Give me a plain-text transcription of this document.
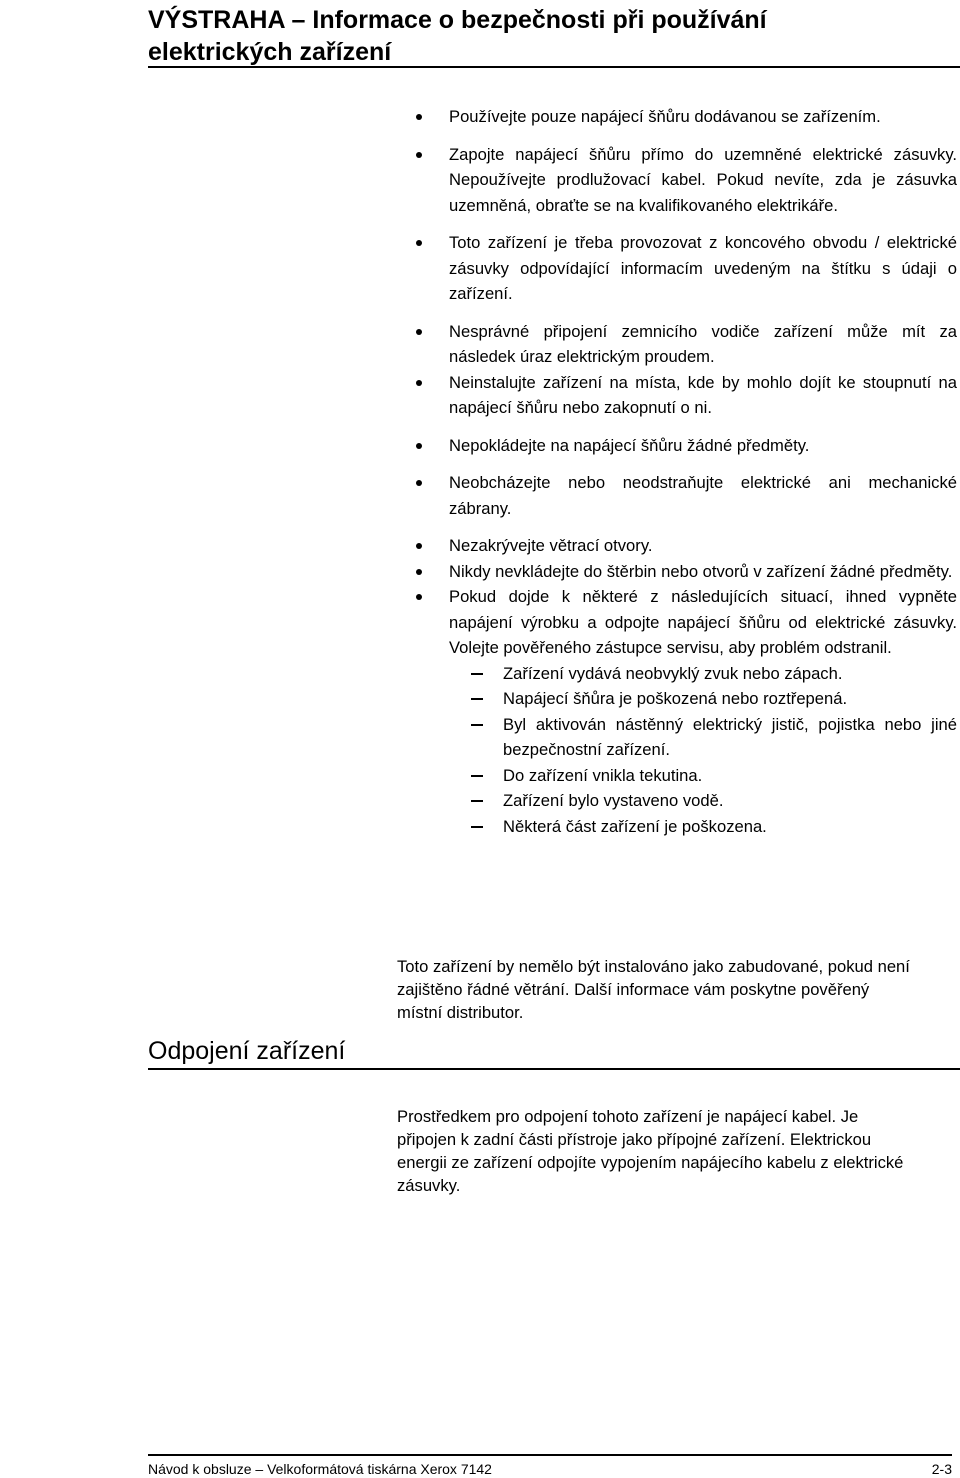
VÝSTRAHA – Informace o bezpečnosti při používání elektrických zařízení
Používejte pouze napájecí šňůru dodávanou se zařízením.
Zapojte napájecí šňůru přímo do uzemněné elektrické zásuvky. Nepoužívejte prodlužovací kabel. Pokud nevíte, zda je zásuvka uzemněná, obraťte se na kvalifikovaného elektrikáře.
Toto zařízení je třeba provozovat z koncového obvodu / elektrické zásuvky odpovídající informacím uvedeným na štítku s údaji o zařízení.
Nesprávné připojení zemnicího vodiče zařízení může mít za následek úraz elektrickým proudem.
Neinstalujte zařízení na místa, kde by mohlo dojít ke stoupnutí na napájecí šňůru nebo zakopnutí o ni.
Nepokládejte na napájecí šňůru žádné předměty.
Neobcházejte nebo neodstraňujte elektrické ani mechanické zábrany.
Nezakrývejte větrací otvory.
Nikdy nevkládejte do štěrbin nebo otvorů v zařízení žádné předměty.
Pokud dojde k některé z následujících situací, ihned vypněte napájení výrobku a odpojte napájecí šňůru od elektrické zásuvky. Volejte pověřeného zástupce servisu, aby problém odstranil.
Zařízení vydává neobvyklý zvuk nebo zápach.
Napájecí šňůra je poškozená nebo roztřepená.
Byl aktivován nástěnný elektrický jistič, pojistka nebo jiné bezpečnostní zařízení.
Do zařízení vnikla tekutina.
Zařízení bylo vystaveno vodě.
Některá část zařízení je poškozena.

Toto zařízení by nemělo být instalováno jako zabudované, pokud není zajištěno řádné větrání. Další informace vám poskytne pověřený místní distributor.

Odpojení zařízení

Prostředkem pro odpojení tohoto zařízení je napájecí kabel. Je připojen k zadní části přístroje jako přípojné zařízení. Elektrickou energii ze zařízení odpojíte vypojením napájecího kabelu z elektrické zásuvky.

Návod k obsluze – Velkoformátová tiskárna Xerox 7142	2-3
